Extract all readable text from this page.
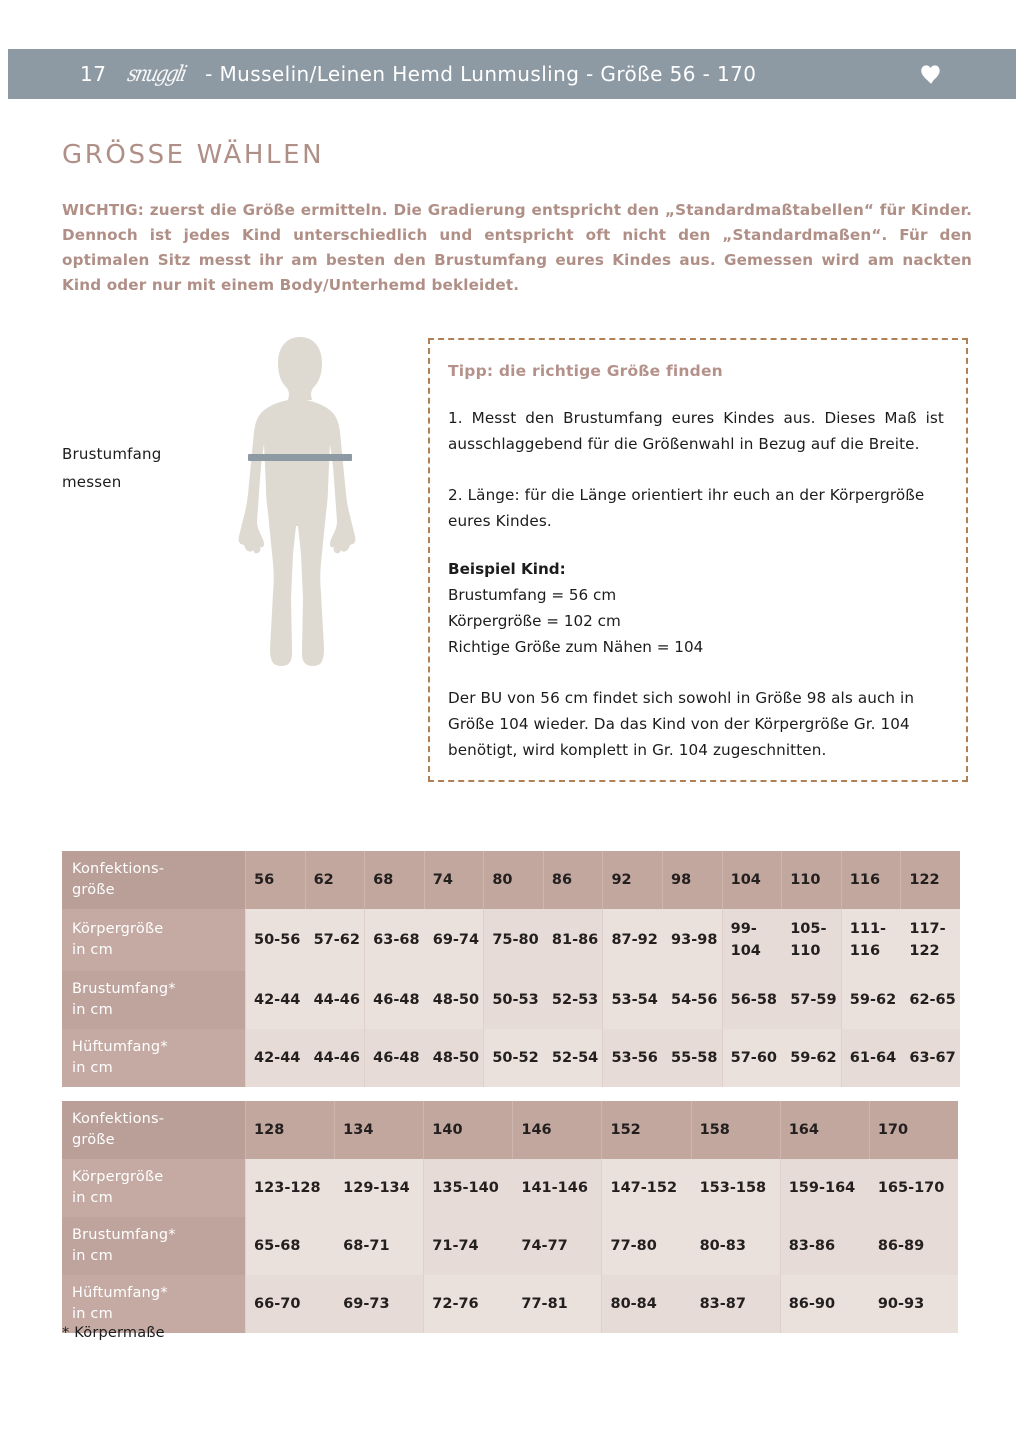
17 snuggli - Musselin/Leinen Hemd Lunmusling - Größe 56 - 170
GRÖSSE WÄHLEN
WICHTIG: zuerst die Größe ermitteln. Die Gradierung entspricht den „Standardmaßtabellen“ für Kinder. Dennoch ist jedes Kind unterschiedlich und entspricht oft nicht den „Standardmaßen“. Für den optimalen Sitz messt ihr am besten den Brustumfang eures Kindes aus. Gemessen wird am nackten Kind oder nur mit einem Body/Unterhemd bekleidet.
Brustumfang
messen
Tipp: die richtige Größe finden

1. Messt den Brustumfang eures Kindes aus. Dieses Maß ist ausschlaggebend für die Größenwahl in Bezug auf die Breite.

2. Länge: für die Länge orientiert ihr euch an der Körpergröße eures Kindes.

Beispiel Kind:
Brustumfang = 56 cm
Körpergröße = 102 cm
Richtige Größe zum Nähen = 104

Der BU von 56 cm findet sich sowohl in Größe 98 als auch in Größe 104 wieder. Da das Kind von der Körpergröße Gr. 104 benötigt, wird komplett in Gr. 104 zugeschnitten.

Konfektions-
größe	56	62	68	74	80	86	92	98	104	110	116	122
Körpergröße
in cm	50-56	57-62	63-68	69-74	75-80	81-86	87-92	93-98	99-104	105-110	111-116	117-122
Brustumfang*
in cm	42-44	44-46	46-48	48-50	50-53	52-53	53-54	54-56	56-58	57-59	59-62	62-65
Hüftumfang*
in cm	42-44	44-46	46-48	48-50	50-52	52-54	53-56	55-58	57-60	59-62	61-64	63-67
Konfektions-
größe	128	134	140	146	152	158	164	170
Körpergröße
in cm	123-128	129-134	135-140	141-146	147-152	153-158	159-164	165-170
Brustumfang*
in cm	65-68	68-71	71-74	74-77	77-80	80-83	83-86	86-89
Hüftumfang*
in cm	66-70	69-73	72-76	77-81	80-84	83-87	86-90	90-93
* Körpermaße
